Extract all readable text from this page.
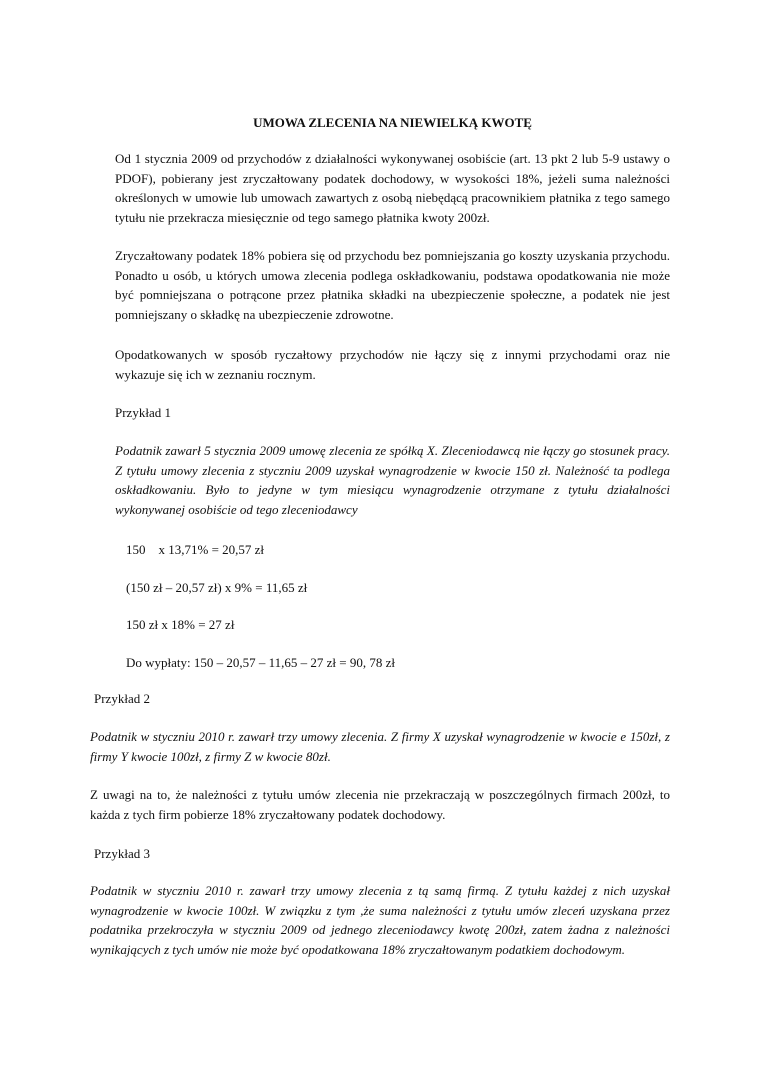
UMOWA ZLECENIA NA NIEWIELKĄ KWOTĘ
Od 1 stycznia 2009 od przychodów z działalności wykonywanej osobiście (art. 13 pkt 2 lub 5-9 ustawy o PDOF), pobierany jest zryczałtowany podatek dochodowy, w wysokości 18%, jeżeli suma należności określonych w umowie lub umowach zawartych z osobą niebędącą pracownikiem płatnika z tego samego tytułu nie przekracza miesięcznie od tego samego płatnika kwoty 200zł.
Zryczałtowany podatek 18% pobiera się od przychodu bez pomniejszania go koszty uzyskania przychodu. Ponadto u osób, u których umowa zlecenia podlega oskładkowaniu, podstawa opodatkowania nie może być pomniejszana o potrącone przez płatnika składki na ubezpieczenie społeczne, a podatek nie jest pomniejszany o składkę na ubezpieczenie zdrowotne.
Opodatkowanych w sposób ryczałtowy przychodów nie łączy się z innymi przychodami oraz nie wykazuje się ich w zeznaniu rocznym.
Przykład 1
Podatnik zawarł 5 stycznia 2009 umowę zlecenia ze spółką X. Zleceniodawcą nie łączy go stosunek pracy. Z tytułu umowy zlecenia z styczniu 2009 uzyskał wynagrodzenie w kwocie 150 zł. Należność ta podlega oskładkowaniu. Było to jedyne w tym miesiącu wynagrodzenie otrzymane z tytułu działalności wykonywanej osobiście od tego zleceniodawcy
150    x 13,71% = 20,57 zł
(150 zł – 20,57 zł) x 9% = 11,65 zł
150 zł x 18% = 27 zł
Do wypłaty: 150 – 20,57 – 11,65 – 27 zł = 90, 78 zł
Przykład 2
Podatnik w styczniu 2010 r. zawarł trzy umowy zlecenia. Z firmy X uzyskał wynagrodzenie w kwocie e 150zł, z firmy Y kwocie 100zł, z firmy Z w kwocie 80zł.
Z uwagi na to, że należności z tytułu umów zlecenia nie przekraczają w poszczególnych firmach 200zł, to każda z tych firm pobierze 18% zryczałtowany podatek dochodowy.
Przykład 3
Podatnik w styczniu 2010 r. zawarł trzy umowy zlecenia z tą samą firmą. Z tytułu każdej z nich uzyskał wynagrodzenie w kwocie 100zł. W związku z tym ,że suma należności z tytułu umów zleceń uzyskana przez podatnika przekroczyła w styczniu 2009 od jednego zleceniodawcy kwotę 200zł, zatem żadna z należności wynikających z tych umów nie może być opodatkowana 18% zryczałtowanym podatkiem dochodowym.
